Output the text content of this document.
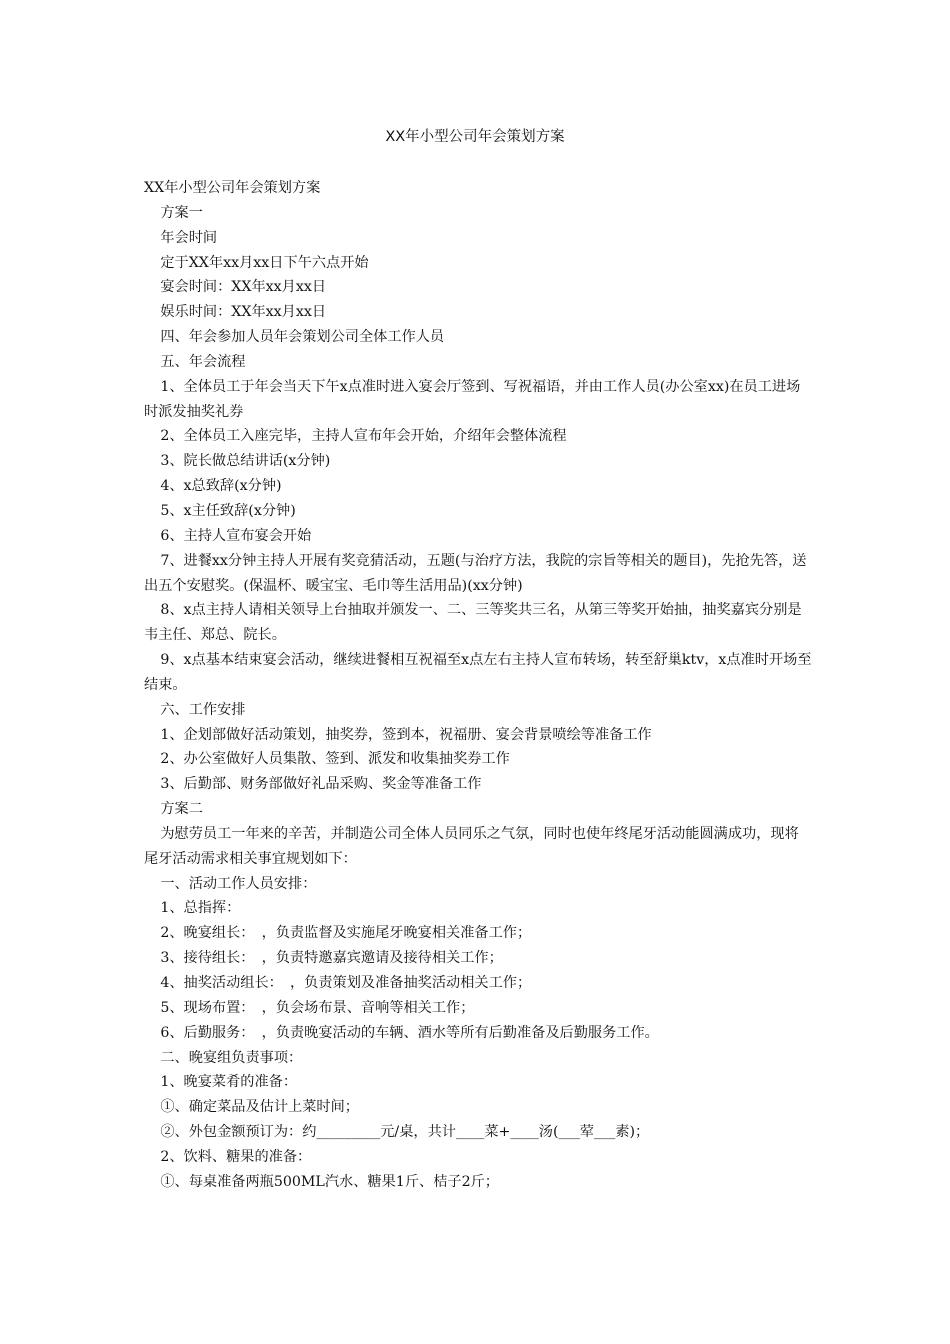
XX年小型公司年会策划方案

XX年小型公司年会策划方案

方案一

年会时间

定于XX年xx月xx日下午六点开始

宴会时间：XX年xx月xx日

娱乐时间：XX年xx月xx日

四、年会参加人员年会策划公司全体工作人员

五、年会流程

1、全体员工于年会当天下午x点准时进入宴会厅签到、写祝福语，并由工作人员(办公室xx)在员工进场时派发抽奖礼券

2、全体员工入座完毕，主持人宣布年会开始，介绍年会整体流程

3、院长做总结讲话(x分钟)

4、x总致辞(x分钟)

5、x主任致辞(x分钟)

6、主持人宣布宴会开始

7、进餐xx分钟主持人开展有奖竞猜活动，五题(与治疗方法，我院的宗旨等相关的题目)，先抢先答，送出五个安慰奖。(保温杯、暖宝宝、毛巾等生活用品)(xx分钟)

8、x点主持人请相关领导上台抽取并颁发一、二、三等奖共三名，从第三等奖开始抽，抽奖嘉宾分别是韦主任、郑总、院长。

9、x点基本结束宴会活动，继续进餐相互祝福至x点左右主持人宣布转场，转至舒巢ktv，x点准时开场至结束。

六、工作安排

1、企划部做好活动策划，抽奖券，签到本，祝福册、宴会背景喷绘等准备工作

2、办公室做好人员集散、签到、派发和收集抽奖券工作

3、后勤部、财务部做好礼品采购、奖金等准备工作

方案二

为慰劳员工一年来的辛苦，并制造公司全体人员同乐之气氛，同时也使年终尾牙活动能圆满成功，现将尾牙活动需求相关事宜规划如下：

一、活动工作人员安排：

1、总指挥：

2、晚宴组长：　，负责监督及实施尾牙晚宴相关准备工作；

3、接待组长：　，负责特邀嘉宾邀请及接待相关工作；

4、抽奖活动组长：　，负责策划及准备抽奖活动相关工作；

5、现场布置：　，负会场布景、音响等相关工作；

6、后勤服务：　，负责晚宴活动的车辆、酒水等所有后勤准备及后勤服务工作。

二、晚宴组负责事项：

1、晚宴菜肴的准备：

①、确定菜品及估计上菜时间；

②、外包金额预订为：约_________元/桌，共计____菜+____汤(___荤___素)；

2、饮料、糖果的准备：

①、每桌准备两瓶500ML汽水、糖果1斤、桔子2斤；
